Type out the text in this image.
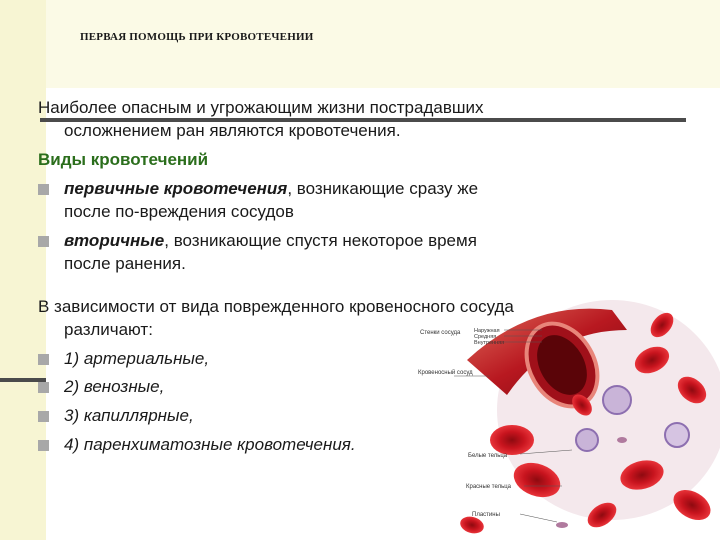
ПЕРВАЯ ПОМОЩЬ ПРИ КРОВОТЕЧЕНИИ

Наиболее опасным и угрожающим жизни пострадавших
осложнением ран являются кровотечения.

Виды кровотечений
первичные кровотечения, возникающие сразу же
после по-вреждения сосудов
вторичные, возникающие спустя некоторое время
после ранения.

В зависимости от вида поврежденного кровеносного сосуда
различают:

1) артериальные,
2) венозные,
3) капиллярные,
4) паренхиматозные кровотечения.
Стенки сосуда Наружная
Средняя
Внутренняя
Кровеносный сосуд
Белые тельца
Красные тельца
Пластины
